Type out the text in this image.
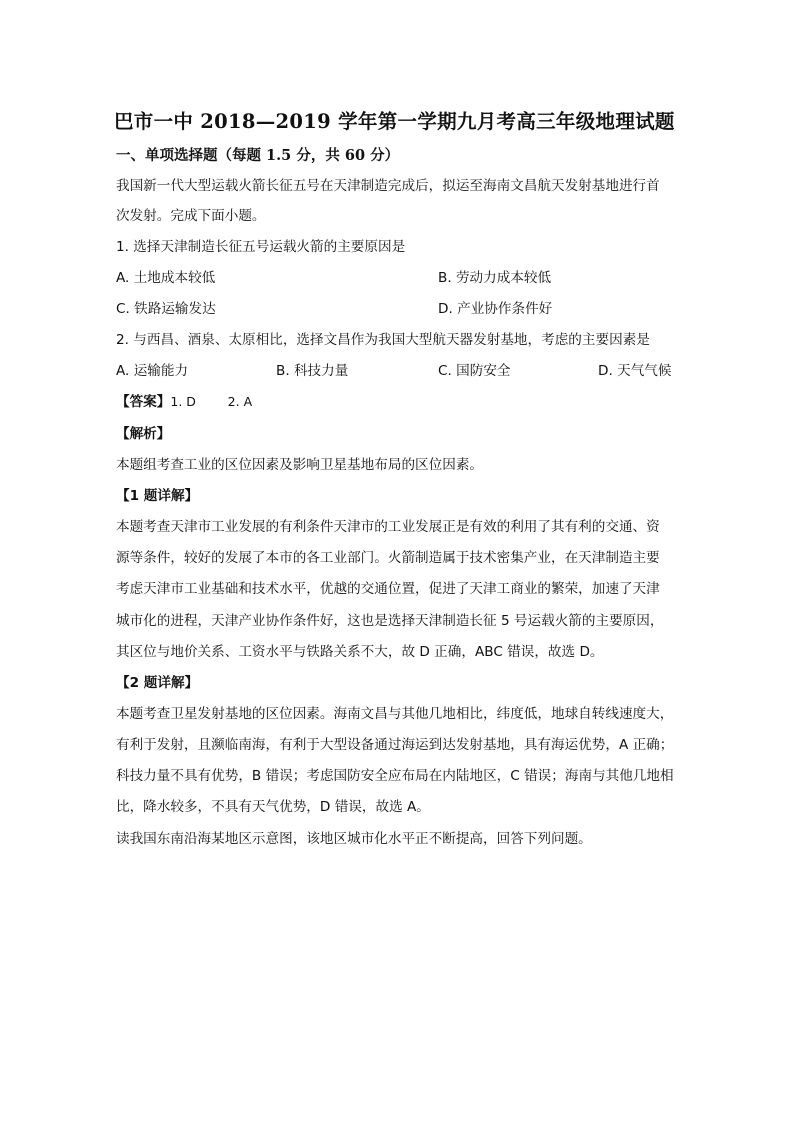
巴市一中 2018—2019 学年第一学期九月考高三年级地理试题
一、单项选择题（每题 1.5 分，共 60 分）
我国新一代大型运载火箭长征五号在天津制造完成后，拟运至海南文昌航天发射基地进行首
次发射。完成下面小题。
1. 选择天津制造长征五号运载火箭的主要原因是
A. 土地成本较低	B. 劳动力成本较低
C. 铁路运输发达	D. 产业协作条件好
2. 与西昌、酒泉、太原相比，选择文昌作为我国大型航天器发射基地，考虑的主要因素是
A. 运输能力	B. 科技力量	C. 国防安全	D. 天气气候
【答案】1. D        2. A
【解析】
本题组考查工业的区位因素及影响卫星基地布局的区位因素。
【1 题详解】
本题考查天津市工业发展的有利条件天津市的工业发展正是有效的利用了其有利的交通、资
源等条件，较好的发展了本市的各工业部门。火箭制造属于技术密集产业，在天津制造主要
考虑天津市工业基础和技术水平，优越的交通位置，促进了天津工商业的繁荣，加速了天津
城市化的进程，天津产业协作条件好，这也是选择天津制造长征 5 号运载火箭的主要原因，
其区位与地价关系、工资水平与铁路关系不大，故 D 正确，ABC 错误，故选 D。
【2 题详解】
本题考查卫星发射基地的区位因素。海南文昌与其他几地相比，纬度低，地球自转线速度大，
有利于发射，且濒临南海，有利于大型设备通过海运到达发射基地，具有海运优势，A 正确；
科技力量不具有优势，B 错误；考虑国防安全应布局在内陆地区，C 错误；海南与其他几地相
比，降水较多，不具有天气优势，D 错误，故选 A。
读我国东南沿海某地区示意图，该地区城市化水平正不断提高，回答下列问题。
